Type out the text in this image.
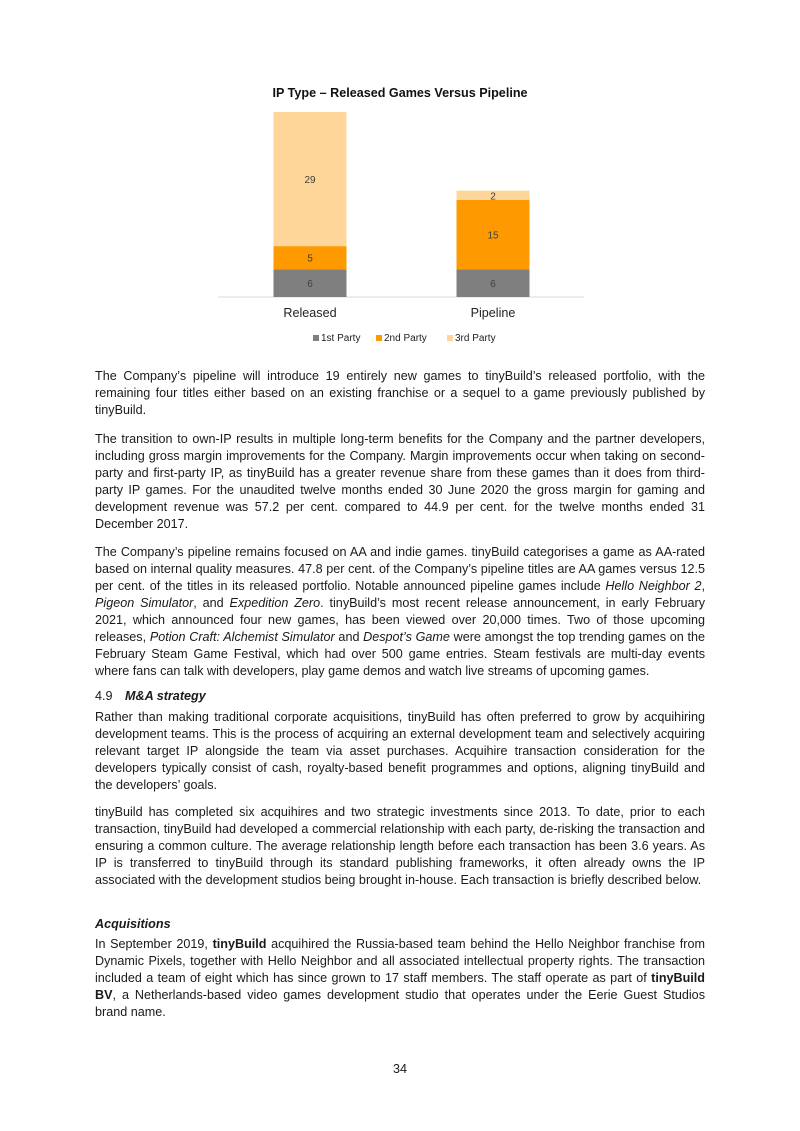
IP Type – Released Games Versus Pipeline
6
5
29
6
15
2
Released	Pipeline
1st Party 2nd Party	3rd Party

The Company’s pipeline will introduce 19 entirely new games to tinyBuild’s released portfolio, with the remaining four titles either based on an existing franchise or a sequel to a game previously published by tinyBuild.

The transition to own-IP results in multiple long-term benefits for the Company and the partner developers, including gross margin improvements for the Company. Margin improvements occur when taking on second-party and first-party IP, as tinyBuild has a greater revenue share from these games than it does from third-party IP games. For the unaudited twelve months ended 30 June 2020 the gross margin for gaming and development revenue was 57.2 per cent. compared to 44.9 per cent. for the twelve months ended 31 December 2017.

The Company’s pipeline remains focused on AA and indie games. tinyBuild categorises a game as AA-rated based on internal quality measures. 47.8 per cent. of the Company’s pipeline titles are AA games versus 12.5 per cent. of the titles in its released portfolio. Notable announced pipeline games include Hello Neighbor 2, Pigeon Simulator, and Expedition Zero. tinyBuild’s most recent release announcement, in early February 2021, which announced four new games, has been viewed over 20,000 times. Two of those upcoming releases, Potion Craft: Alchemist Simulator and Despot’s Game were amongst the top trending games on the February Steam Game Festival, which had over 500 game entries. Steam festivals are multi-day events where fans can talk with developers, play game demos and watch live streams of upcoming games.

4.9 M&A strategy

Rather than making traditional corporate acquisitions, tinyBuild has often preferred to grow by acquihiring development teams. This is the process of acquiring an external development team and selectively acquiring relevant target IP alongside the team via asset purchases. Acquihire transaction consideration for the developers typically consist of cash, royalty-based benefit programmes and options, aligning tinyBuild and the developers’ goals.

tinyBuild has completed six acquihires and two strategic investments since 2013. To date, prior to each transaction, tinyBuild had developed a commercial relationship with each party, de-risking the transaction and ensuring a common culture. The average relationship length before each transaction has been 3.6 years. As IP is transferred to tinyBuild through its standard publishing frameworks, it often already owns the IP associated with the development studios being brought in-house. Each transaction is briefly described below.

Acquisitions

In September 2019, tinyBuild acquihired the Russia-based team behind the Hello Neighbor franchise from Dynamic Pixels, together with Hello Neighbor and all associated intellectual property rights. The transaction included a team of eight which has since grown to 17 staff members. The staff operate as part of tinyBuild BV, a Netherlands-based video games development studio that operates under the Eerie Guest Studios brand name.

34
